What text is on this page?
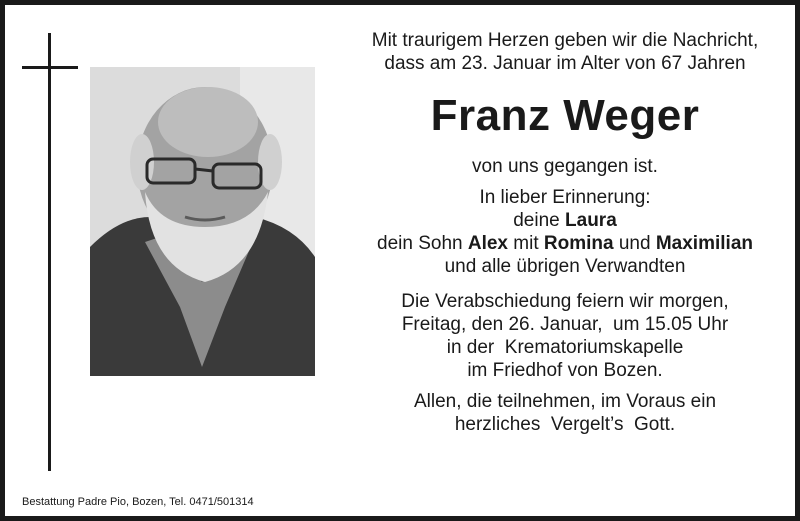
Mit traurigem Herzen geben wir die Nachricht,

dass am 23. Januar im Alter von 67 Jahren

Franz Weger

von uns gegangen ist.

In lieber Erinnerung:

deine Laura

dein Sohn Alex mit Romina und Maximilian

und alle übrigen Verwandten

Die Verabschiedung feiern wir morgen,

Freitag, den 26. Januar,  um 15.05 Uhr

in der  Krematoriumskapelle

im Friedhof von Bozen.

Allen, die teilnehmen, im Voraus ein

herzliches  Vergelt’s  Gott.

Bestattung Padre Pio, Bozen, Tel. 0471/501314
